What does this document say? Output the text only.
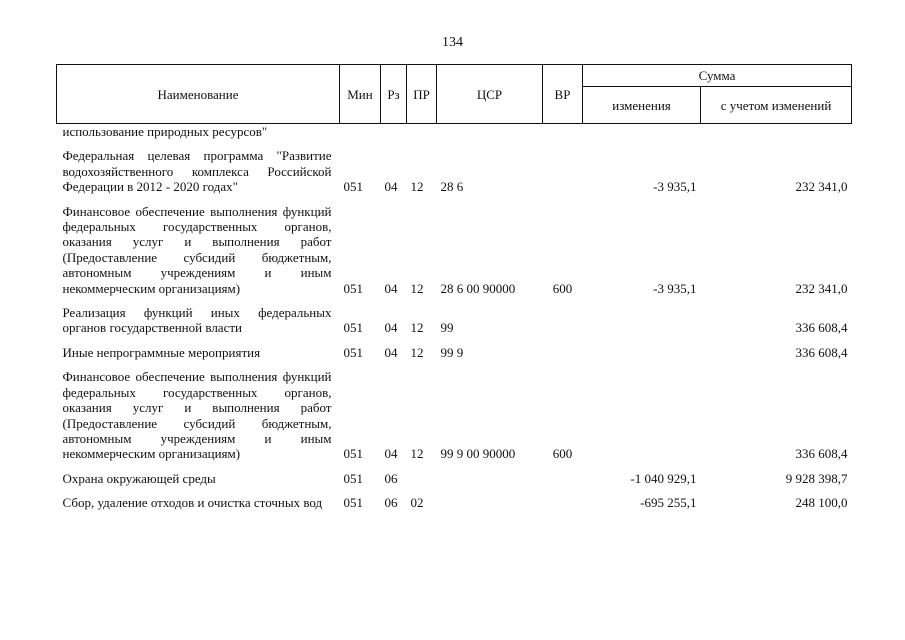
134
Наименование	Мин	Рз	ПР	ЦСР	ВР	Сумма	
						изменения	с учетом изменений
использование природных ресурсов"							
Федеральная целевая программа "Развитие водохозяйственного комплекса Российской Федерации в 2012 - 2020 годах"	051	04	12	28 6		-3 935,1	232 341,0
Финансовое обеспечение выполнения функций федеральных государственных органов, оказания услуг и выполнения работ (Предоставление субсидий бюджетным, автономным учреждениям и иным некоммерческим организациям)	051	04	12	28 6 00 90000	600	-3 935,1	232 341,0
Реализация функций иных федеральных органов государственной власти	051	04	12	99			336 608,4
Иные непрограммные мероприятия	051	04	12	99 9			336 608,4
Финансовое обеспечение выполнения функций федеральных государственных органов, оказания услуг и выполнения работ (Предоставление субсидий бюджетным, автономным учреждениям и иным некоммерческим организациям)	051	04	12	99 9 00 90000	600		336 608,4
Охрана окружающей среды	051	06				-1 040 929,1	9 928 398,7
Сбор, удаление отходов и очистка сточных вод	051	06	02			-695 255,1	248 100,0
